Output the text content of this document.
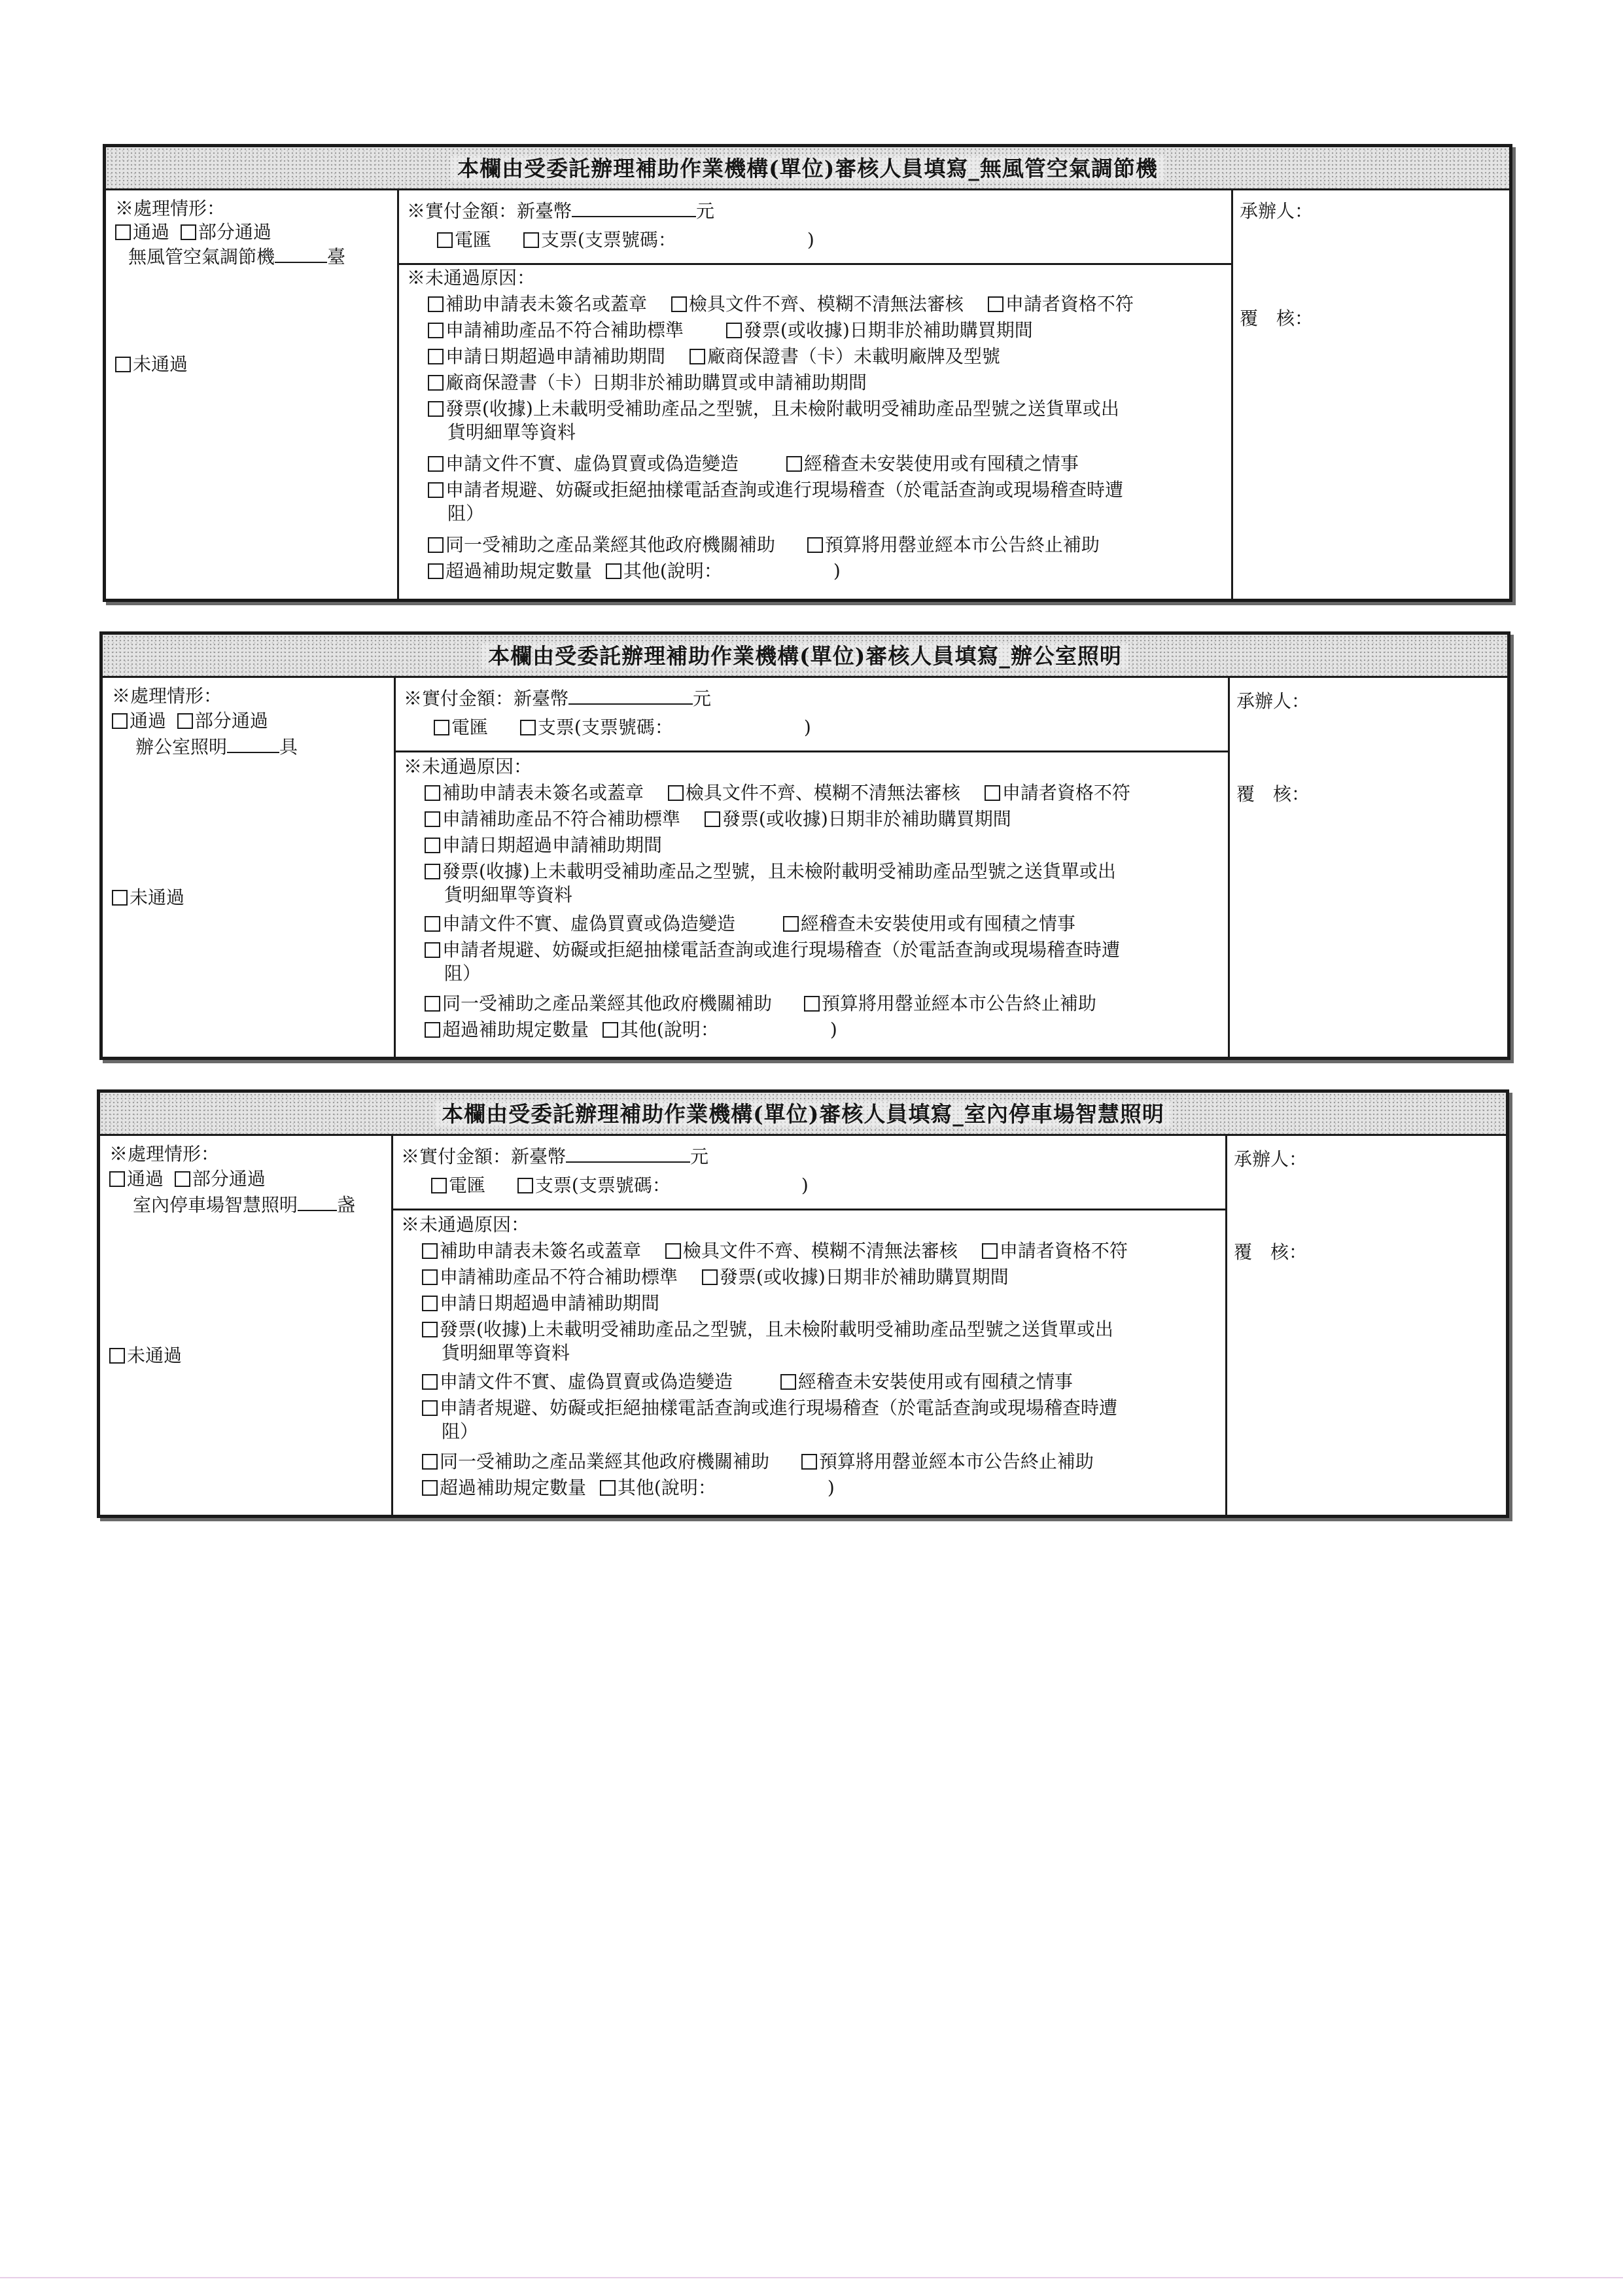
本欄由受委託辦理補助作業機構(單位)審核人員填寫_無風管空氣調節機
※處理情形：
通過 部分通過
無風管空氣調節機	臺
未通過
※實付金額：新臺幣	元
電匯	支票(支票號碼：	)
※未通過原因：
補助申請表未簽名或蓋章 檢具文件不齊、模糊不清無法審核 申請者資格不符
申請補助產品不符合補助標準	發票(或收據)日期非於補助購買期間
申請日期超過申請補助期間 廠商保證書（卡）未載明廠牌及型號
廠商保證書（卡）日期非於補助購買或申請補助期間
發票(收據)上未載明受補助產品之型號，且未檢附載明受補助產品型號之送貨單或出
貨明細單等資料
申請文件不實、虛偽買賣或偽造變造	經稽查未安裝使用或有囤積之情事
申請者規避、妨礙或拒絕抽樣電話查詢或進行現場稽查（於電話查詢或現場稽查時遭
阻）
同一受補助之產品業經其他政府機關補助	預算將用罄並經本市公告終止補助
超過補助規定數量 其他(說明：	)
承辦人：
覆　核：
本欄由受委託辦理補助作業機構(單位)審核人員填寫_辦公室照明
※處理情形：
通過 部分通過
辦公室照明	具
未通過
※實付金額：新臺幣	元
電匯	支票(支票號碼：	)
※未通過原因：
補助申請表未簽名或蓋章 檢具文件不齊、模糊不清無法審核 申請者資格不符
申請補助產品不符合補助標準 發票(或收據)日期非於補助購買期間
申請日期超過申請補助期間
發票(收據)上未載明受補助產品之型號，且未檢附載明受補助產品型號之送貨單或出
貨明細單等資料
申請文件不實、虛偽買賣或偽造變造	經稽查未安裝使用或有囤積之情事
申請者規避、妨礙或拒絕抽樣電話查詢或進行現場稽查（於電話查詢或現場稽查時遭
阻）
同一受補助之產品業經其他政府機關補助	預算將用罄並經本市公告終止補助
超過補助規定數量 其他(說明：	)
承辦人：
覆　核：
本欄由受委託辦理補助作業機構(單位)審核人員填寫_室內停車場智慧照明
※處理情形：
通過 部分通過
室內停車場智慧照明 盏
未通過
※實付金額：新臺幣	元
電匯	支票(支票號碼：	)
※未通過原因：
補助申請表未簽名或蓋章 檢具文件不齊、模糊不清無法審核 申請者資格不符
申請補助產品不符合補助標準 發票(或收據)日期非於補助購買期間
申請日期超過申請補助期間
發票(收據)上未載明受補助產品之型號，且未檢附載明受補助產品型號之送貨單或出
貨明細單等資料
申請文件不實、虛偽買賣或偽造變造	經稽查未安裝使用或有囤積之情事
申請者規避、妨礙或拒絕抽樣電話查詢或進行現場稽查（於電話查詢或現場稽查時遭
阻）
同一受補助之產品業經其他政府機關補助	預算將用罄並經本市公告終止補助
超過補助規定數量 其他(說明：	)
承辦人：
覆　核：
